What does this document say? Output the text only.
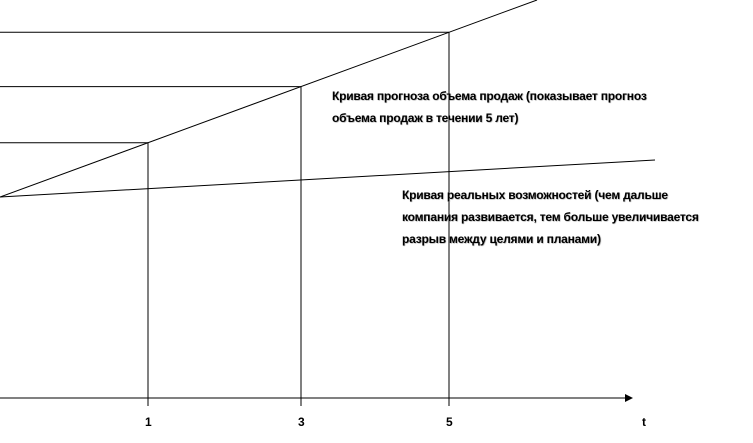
1	3	5	t
Кривая прогноза объема продаж (показывает прогноз
объема продаж в течении 5 лет)
Кривая реальных возможностей (чем дальше
компания развивается, тем больше увеличивается
разрыв между целями и планами)
